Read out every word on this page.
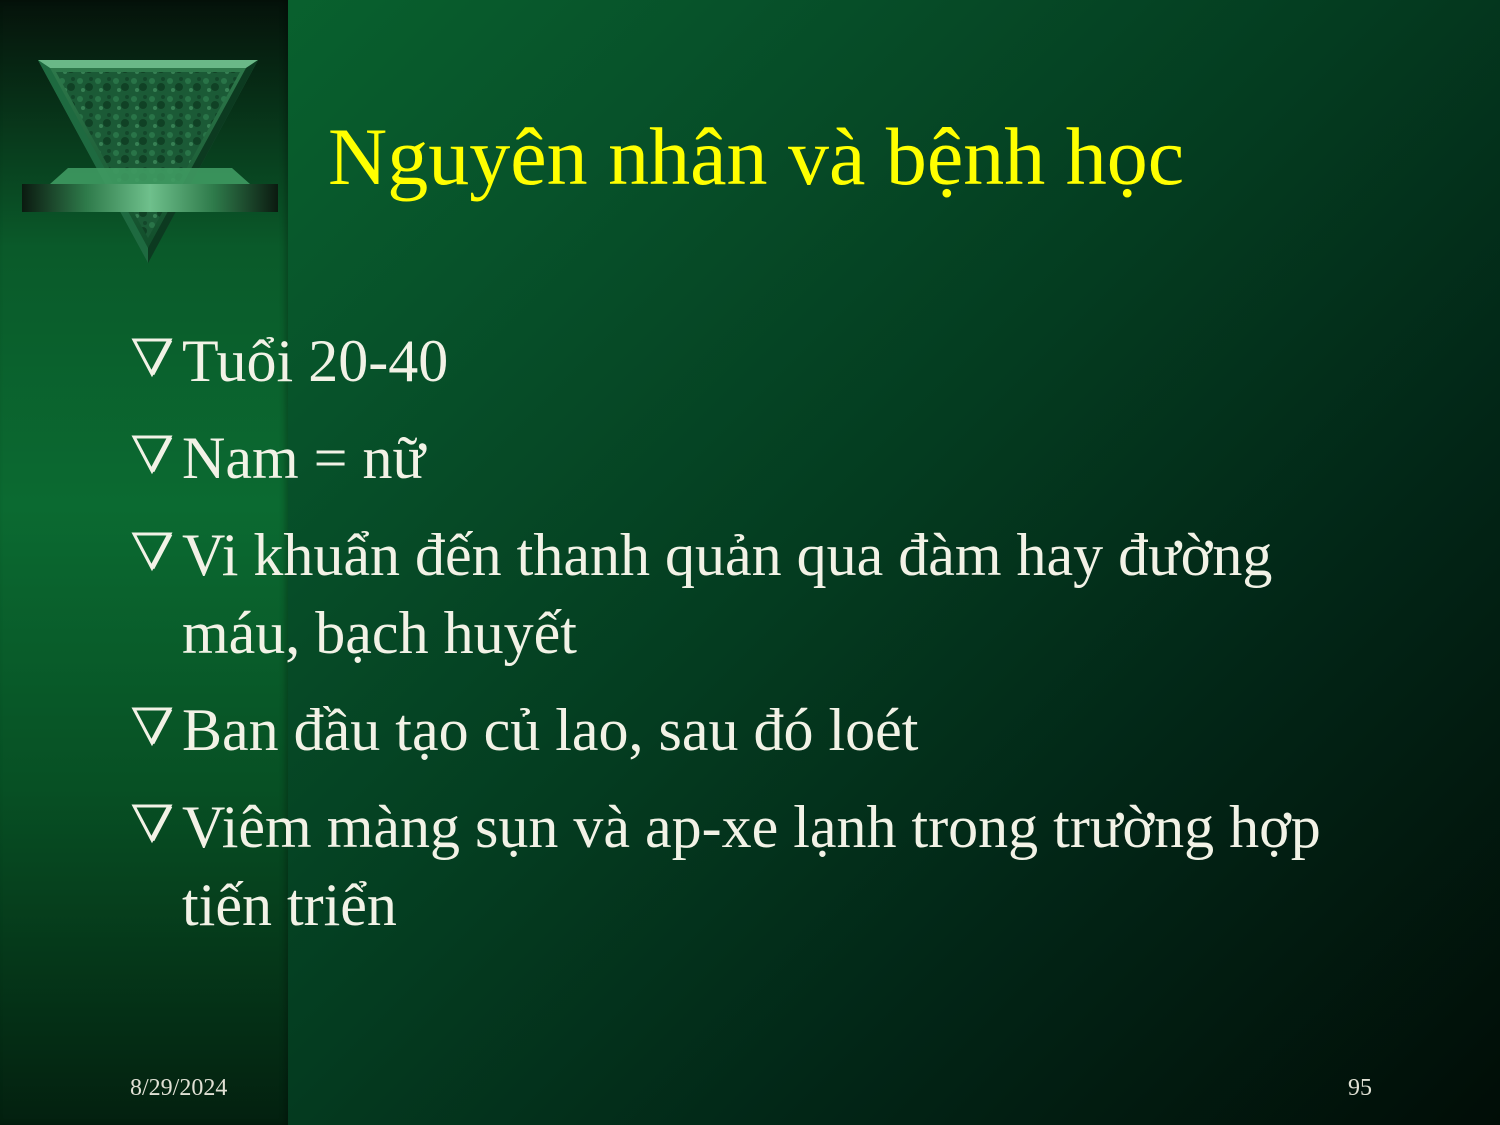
Nguyên nhân và bệnh học
Tuổi 20-40
Nam = nữ
Vi khuẩn đến thanh quản qua đàm hay đường máu, bạch huyết
Ban đầu tạo củ lao, sau đó loét
Viêm màng sụn và ap-xe lạnh trong trường hợp tiến triển
8/29/2024	95
